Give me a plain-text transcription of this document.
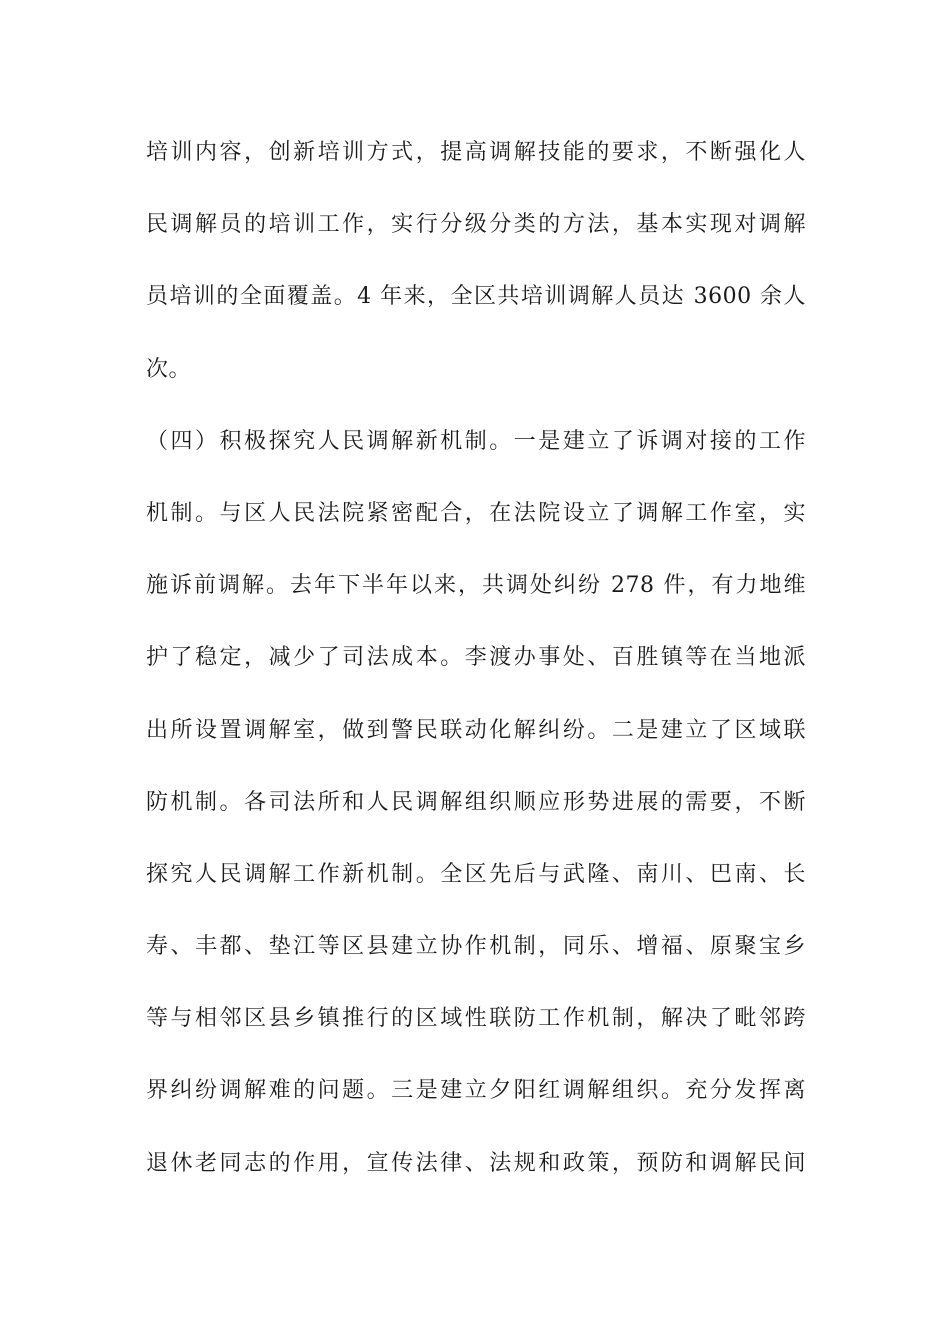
培训内容，创新培训方式，提高调解技能的要求，不断强化人
民调解员的培训工作，实行分级分类的方法，基本实现对调解
员培训的全面覆盖。4 年来，全区共培训调解人员达 3600 余人
次。
（四）积极探究人民调解新机制。一是建立了诉调对接的工作
机制。与区人民法院紧密配合，在法院设立了调解工作室，实
施诉前调解。去年下半年以来，共调处纠纷 278 件，有力地维
护了稳定，减少了司法成本。李渡办事处、百胜镇等在当地派
出所设置调解室，做到警民联动化解纠纷。二是建立了区域联
防机制。各司法所和人民调解组织顺应形势进展的需要，不断
探究人民调解工作新机制。全区先后与武隆、南川、巴南、长
寿、丰都、垫江等区县建立协作机制，同乐、增福、原聚宝乡
等与相邻区县乡镇推行的区域性联防工作机制，解决了毗邻跨
界纠纷调解难的问题。三是建立夕阳红调解组织。充分发挥离
退休老同志的作用，宣传法律、法规和政策，预防和调解民间
